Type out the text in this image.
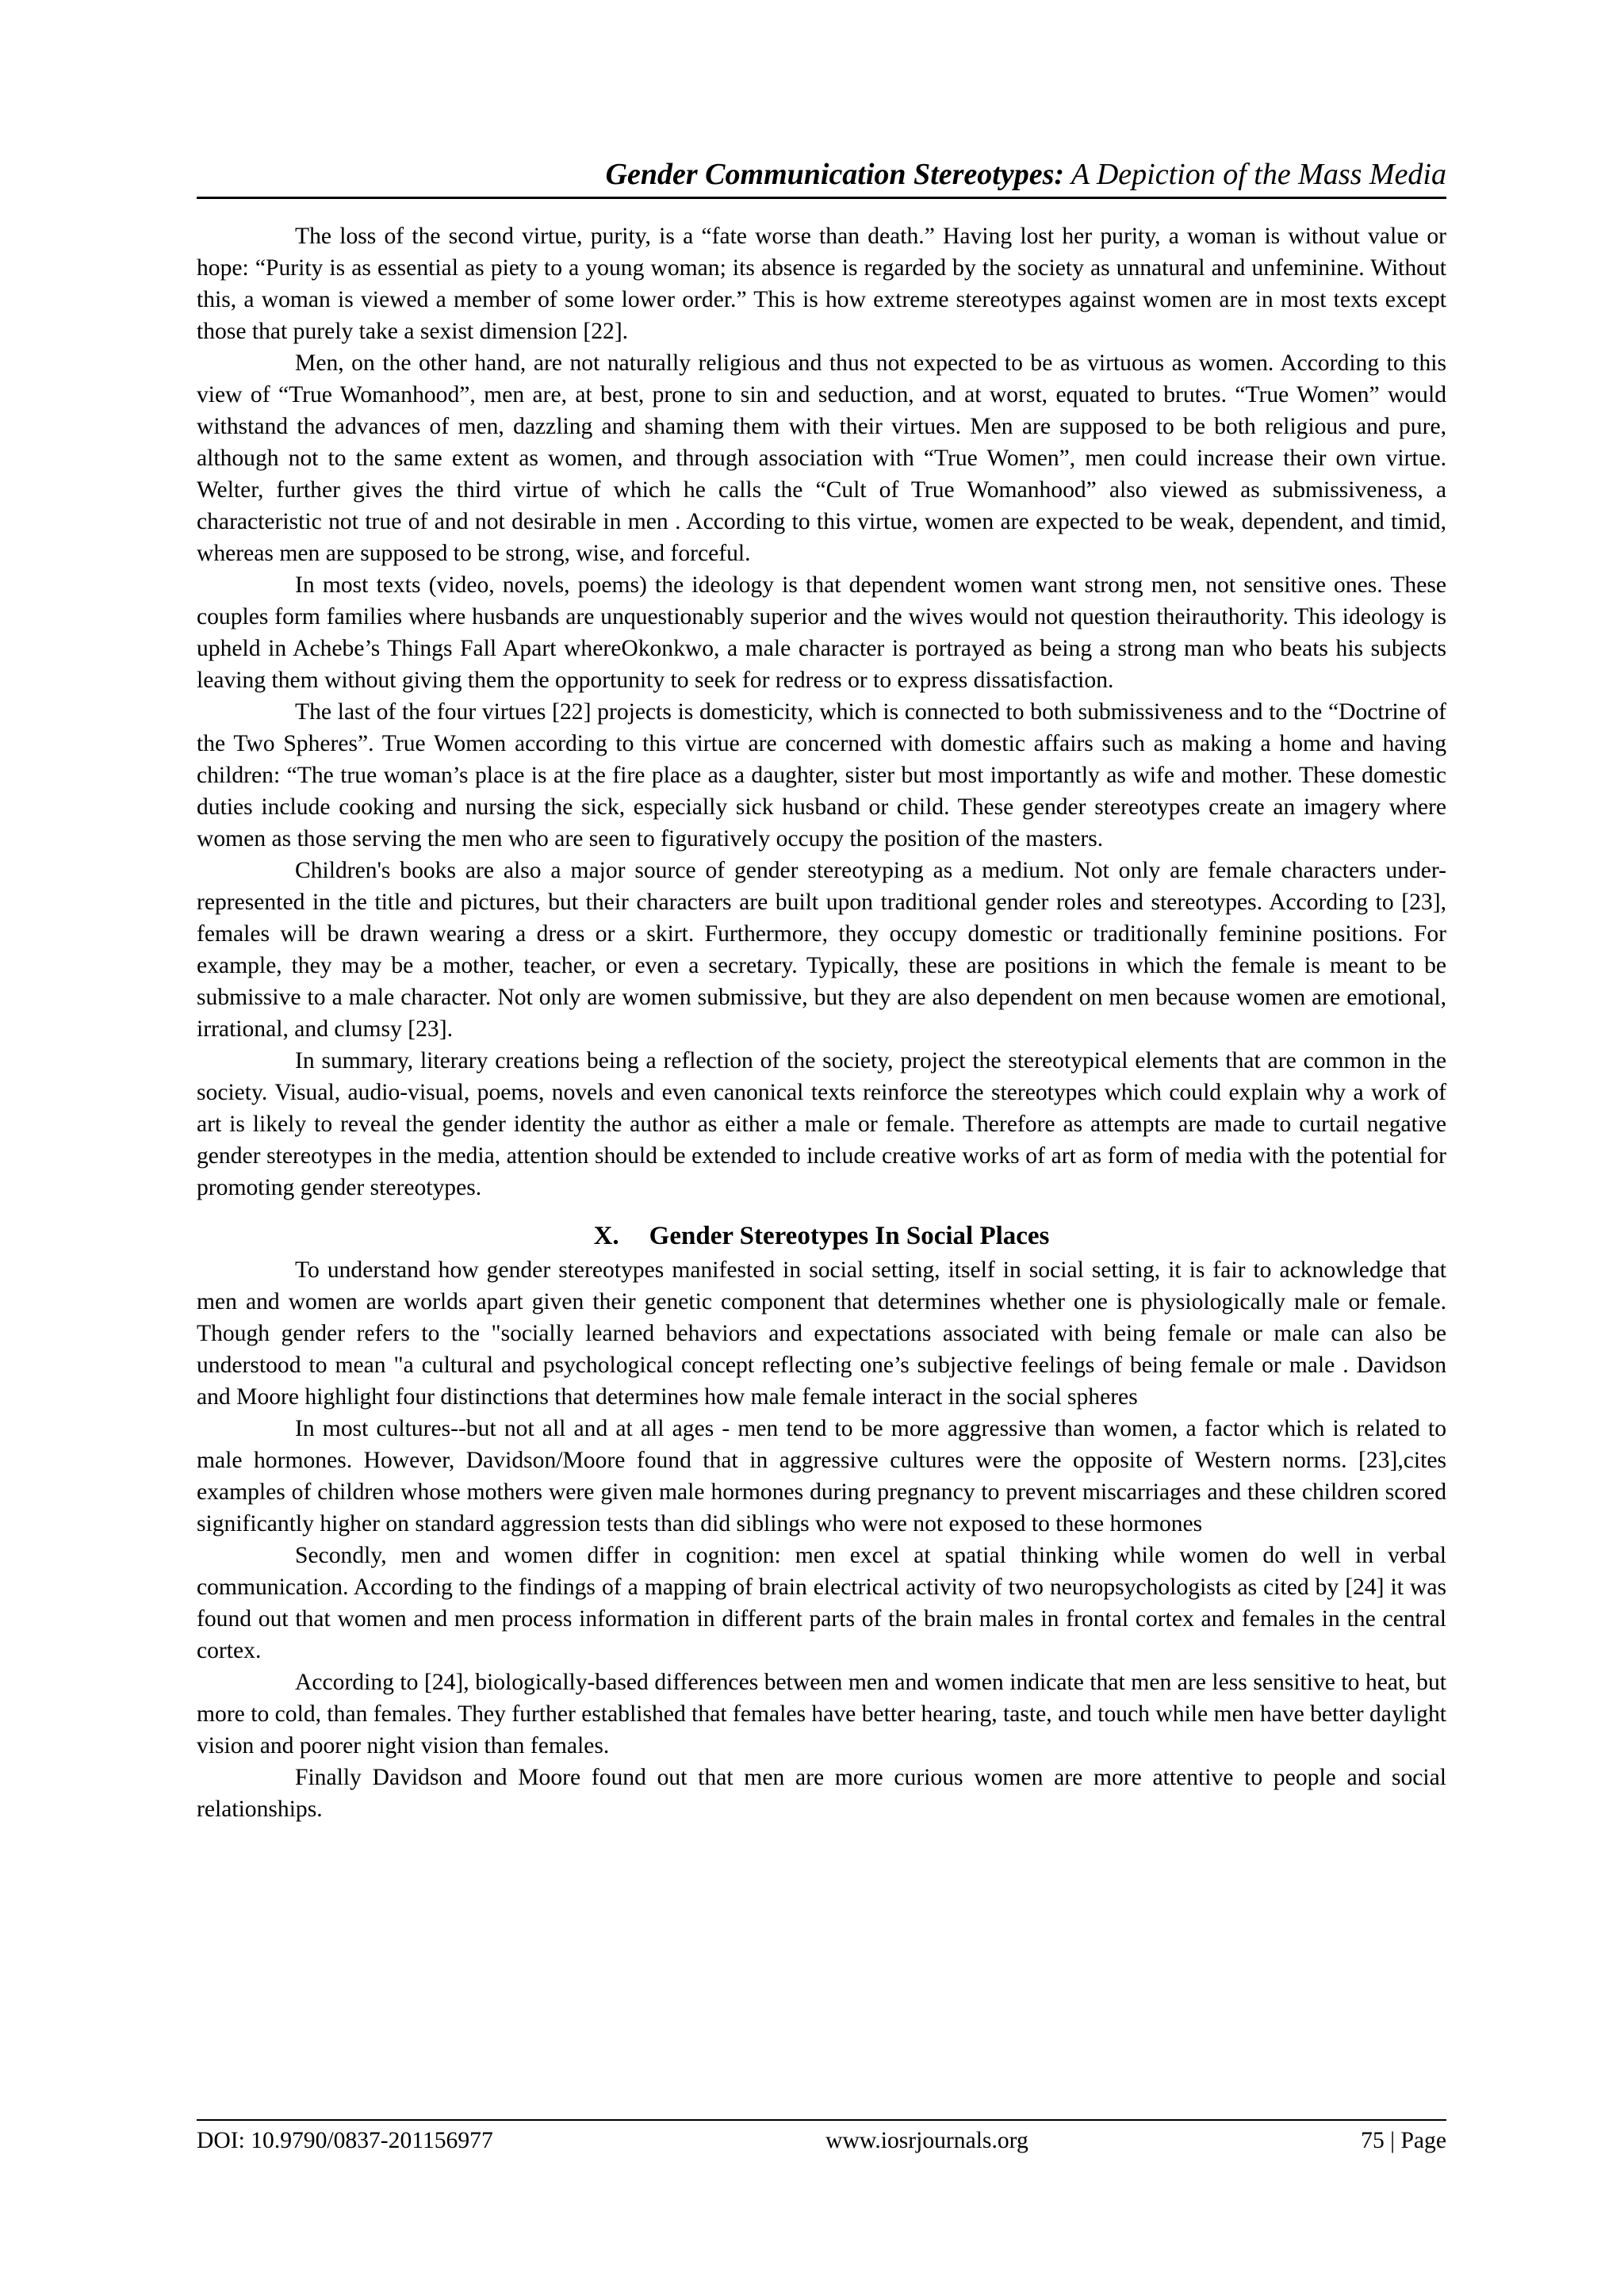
Gender Communication Stereotypes: A Depiction of the Mass Media

The loss of the second virtue, purity, is a “fate worse than death.” Having lost her purity, a woman is without value or hope: “Purity is as essential as piety to a young woman; its absence is regarded by the society as unnatural and unfeminine. Without this, a woman is viewed a member of some lower order.” This is how extreme stereotypes against women are in most texts except those that purely take a sexist dimension [22].

Men, on the other hand, are not naturally religious and thus not expected to be as virtuous as women. According to this view of “True Womanhood”, men are, at best, prone to sin and seduction, and at worst, equated to brutes. “True Women” would withstand the advances of men, dazzling and shaming them with their virtues. Men are supposed to be both religious and pure, although not to the same extent as women, and through association with “True Women”, men could increase their own virtue. Welter, further gives the third virtue of which he calls the “Cult of True Womanhood” also viewed as submissiveness, a characteristic not true of and not desirable in men . According to this virtue, women are expected to be weak, dependent, and timid, whereas men are supposed to be strong, wise, and forceful.

In most texts (video, novels, poems) the ideology is that dependent women want strong men, not sensitive ones. These couples form families where husbands are unquestionably superior and the wives would not question theirauthority. This ideology is upheld in Achebe’s Things Fall Apart whereOkonkwo, a male character is portrayed as being a strong man who beats his subjects leaving them without giving them the opportunity to seek for redress or to express dissatisfaction.

The last of the four virtues [22] projects is domesticity, which is connected to both submissiveness and to the “Doctrine of the Two Spheres”. True Women according to this virtue are concerned with domestic affairs such as making a home and having children: “The true woman’s place is at the fire place as a daughter, sister but most importantly as wife and mother. These domestic duties include cooking and nursing the sick, especially sick husband or child. These gender stereotypes create an imagery where women as those serving the men who are seen to figuratively occupy the position of the masters.

Children's books are also a major source of gender stereotyping as a medium. Not only are female characters under-represented in the title and pictures, but their characters are built upon traditional gender roles and stereotypes. According to [23], females will be drawn wearing a dress or a skirt. Furthermore, they occupy domestic or traditionally feminine positions. For example, they may be a mother, teacher, or even a secretary. Typically, these are positions in which the female is meant to be submissive to a male character. Not only are women submissive, but they are also dependent on men because women are emotional, irrational, and clumsy [23].

In summary, literary creations being a reflection of the society, project the stereotypical elements that are common in the society. Visual, audio-visual, poems, novels and even canonical texts reinforce the stereotypes which could explain why a work of art is likely to reveal the gender identity the author as either a male or female. Therefore as attempts are made to curtail negative gender stereotypes in the media, attention should be extended to include creative works of art as form of media with the potential for promoting gender stereotypes.

X. Gender Stereotypes In Social Places

To understand how gender stereotypes manifested in social setting, itself in social setting, it is fair to acknowledge that men and women are worlds apart given their genetic component that determines whether one is physiologically male or female. Though gender refers to the "socially learned behaviors and expectations associated with being female or male can also be understood to mean "a cultural and psychological concept reflecting one’s subjective feelings of being female or male . Davidson and Moore highlight four distinctions that determines how male female interact in the social spheres

In most cultures--but not all and at all ages - men tend to be more aggressive than women, a factor which is related to male hormones. However, Davidson/Moore found that in aggressive cultures were the opposite of Western norms. [23],cites examples of children whose mothers were given male hormones during pregnancy to prevent miscarriages and these children scored significantly higher on standard aggression tests than did siblings who were not exposed to these hormones

Secondly, men and women differ in cognition: men excel at spatial thinking while women do well in verbal communication. According to the findings of a mapping of brain electrical activity of two neuropsychologists as cited by [24] it was found out that women and men process information in different parts of the brain males in frontal cortex and females in the central cortex.

According to [24], biologically-based differences between men and women indicate that men are less sensitive to heat, but more to cold, than females. They further established that females have better hearing, taste, and touch while men have better daylight vision and poorer night vision than females.

Finally Davidson and Moore found out that men are more curious women are more attentive to people and social relationships.

DOI: 10.9790/0837-201156977	www.iosrjournals.org	75 | Page
